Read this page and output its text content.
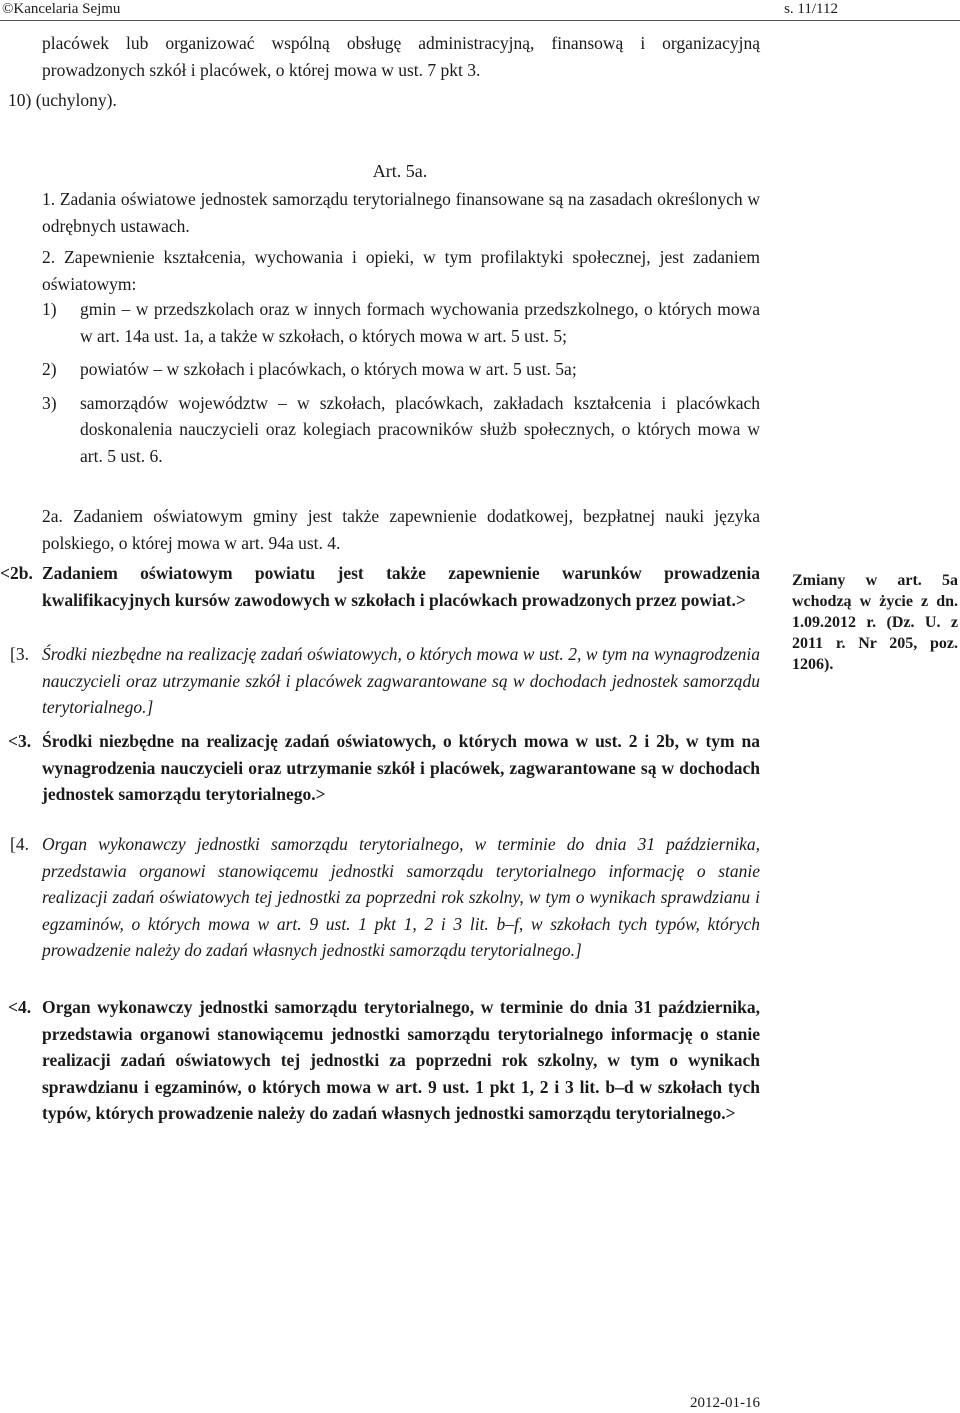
©Kancelaria Sejmu	s. 11/112

placówek lub organizować wspólną obsługę administracyjną, finansową i organizacyjną prowadzonych szkół i placówek, o której mowa w ust. 7 pkt 3.

10) (uchylony).

Art. 5a.

1. Zadania oświatowe jednostek samorządu terytorialnego finansowane są na zasadach określonych w odrębnych ustawach.

2. Zapewnienie kształcenia, wychowania i opieki, w tym profilaktyki społecznej, jest zadaniem oświatowym:

1)	gmin – w przedszkolach oraz w innych formach wychowania przedszkolnego, o których mowa w art. 14a ust. 1a, a także w szkołach, o których mowa w art. 5 ust. 5;
2)	powiatów – w szkołach i placówkach, o których mowa w art. 5 ust. 5a;
3)	samorządów województw – w szkołach, placówkach, zakładach kształcenia i placówkach doskonalenia nauczycieli oraz kolegiach pracowników służb społecznych, o których mowa w art. 5 ust. 6.

2a. Zadaniem oświatowym gminy jest także zapewnienie dodatkowej, bezpłatnej nauki języka polskiego, o której mowa w art. 94a ust. 4.

<2b. Zadaniem oświatowym powiatu jest także zapewnienie warunków prowadzenia kwalifikacyjnych kursów zawodowych w szkołach i placówkach prowadzonych przez powiat.>
[3. Środki niezbędne na realizację zadań oświatowych, o których mowa w ust. 2, w tym na wynagrodzenia nauczycieli oraz utrzymanie szkół i placówek zagwarantowane są w dochodach jednostek samorządu terytorialnego.]
<3. Środki niezbędne na realizację zadań oświatowych, o których mowa w ust. 2 i 2b, w tym na wynagrodzenia nauczycieli oraz utrzymanie szkół i placówek, zagwarantowane są w dochodach jednostek samorządu terytorialnego.>
[4. Organ wykonawczy jednostki samorządu terytorialnego, w terminie do dnia 31 października, przedstawia organowi stanowiącemu jednostki samorządu terytorialnego informację o stanie realizacji zadań oświatowych tej jednostki za poprzedni rok szkolny, w tym o wynikach sprawdzianu i egzaminów, o których mowa w art. 9 ust. 1 pkt 1, 2 i 3 lit. b–f, w szkołach tych typów, których prowadzenie należy do zadań własnych jednostki samorządu terytorialnego.]
<4. Organ wykonawczy jednostki samorządu terytorialnego, w terminie do dnia 31 października, przedstawia organowi stanowiącemu jednostki samorządu terytorialnego informację o stanie realizacji zadań oświatowych tej jednostki za poprzedni rok szkolny, w tym o wynikach sprawdzianu i egzaminów, o których mowa w art. 9 ust. 1 pkt 1, 2 i 3 lit. b–d w szkołach tych typów, których prowadzenie należy do zadań własnych jednostki samorządu terytorialnego.>
Zmiany w art. 5a wchodzą w życie z dn. 1.09.2012 r. (Dz. U. z 2011 r. Nr 205, poz. 1206).
2012-01-16
